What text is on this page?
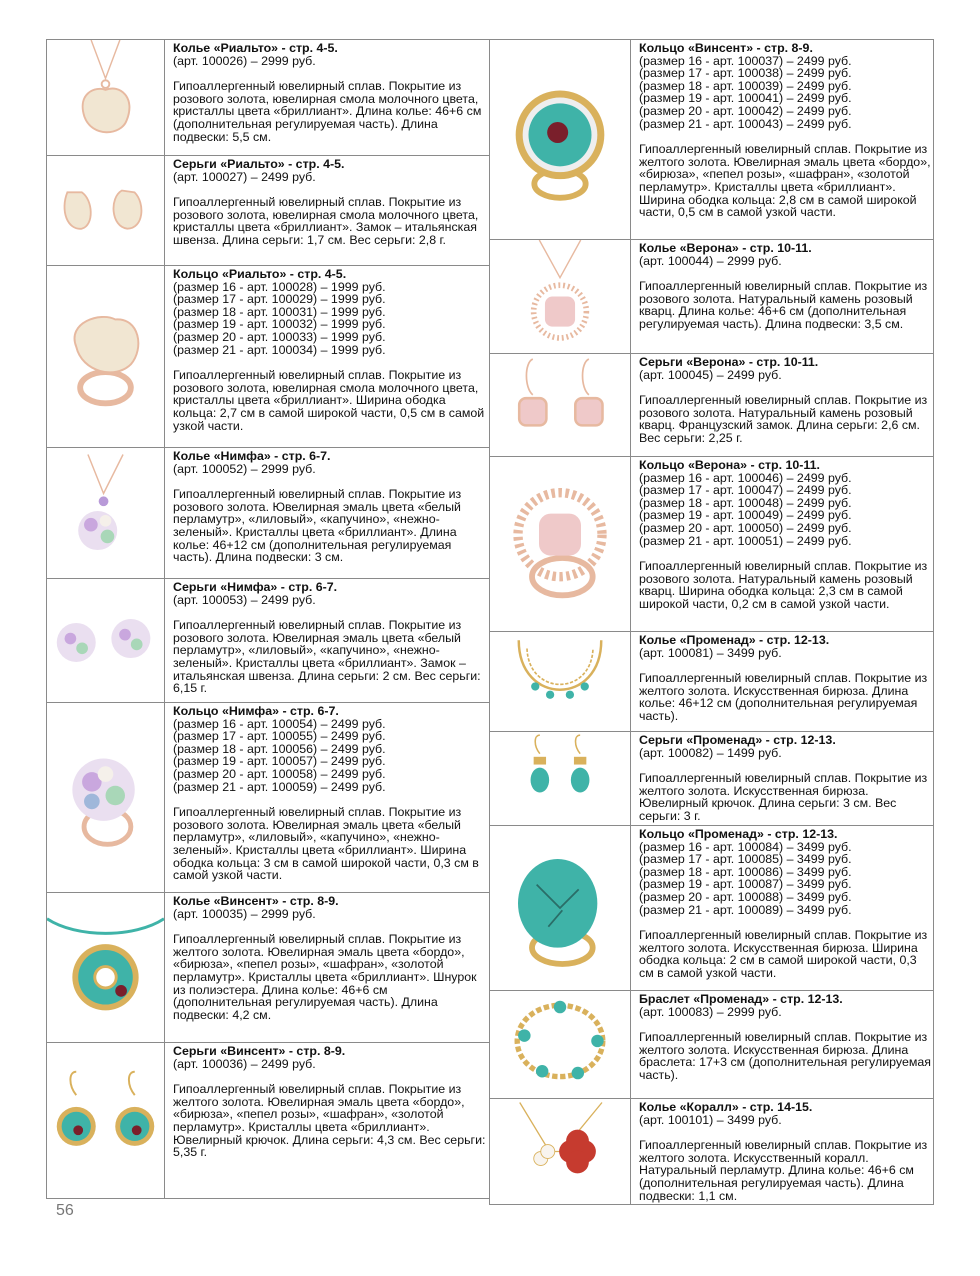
Колье «Риальто» - стр. 4-5.
(арт. 100026) – 2999 руб.
Гипоаллергенный ювелирный сплав. Покрытие из розового золота, ювелирная смола молочного цвета, кристаллы цвета «бриллиант». Длина колье: 46+6 см (дополнительная регулируемая часть). Длина подвески: 5,5 см.
Серьги «Риальто» - стр. 4-5.
(арт. 100027) – 2499 руб.
Гипоаллергенный ювелирный сплав. Покрытие из розового золота, ювелирная смола молочного цвета, кристаллы цвета «бриллиант». Замок – итальянская швенза. Длина серьги: 1,7 см. Вес серьги: 2,8 г.
Кольцо «Риальто» - стр. 4-5.
(размер 16 - арт. 100028) – 1999 руб.
(размер 17 - арт. 100029) – 1999 руб.
(размер 18 - арт. 100031) – 1999 руб.
(размер 19 - арт. 100032) – 1999 руб.
(размер 20 - арт. 100033) – 1999 руб.
(размер 21 - арт. 100034) – 1999 руб.
Гипоаллергенный ювелирный сплав. Покрытие из розового золота, ювелирная смола молочного цвета, кристаллы цвета «бриллиант». Ширина ободка кольца: 2,7 см в самой широкой части, 0,5 см в самой узкой части.
Колье «Нимфа» - стр. 6-7.
(арт. 100052) – 2999 руб.
Гипоаллергенный ювелирный сплав. Покрытие из розового золота. Ювелирная эмаль цвета «белый перламутр», «лиловый», «капучино», «нежно-зеленый». Кристаллы цвета «бриллиант». Длина колье: 46+12 см (дополнительная регулируемая часть). Длина подвески: 3 см.
Серьги «Нимфа» - стр. 6-7.
(арт. 100053) – 2499 руб.
Гипоаллергенный ювелирный сплав. Покрытие из розового золота. Ювелирная эмаль цвета «белый перламутр», «лиловый», «капучино», «нежно-зеленый». Кристаллы цвета «бриллиант». Замок – итальянская швенза. Длина серьги: 2 см. Вес серьги: 6,15 г.
Кольцо «Нимфа» - стр. 6-7.
(размер 16 - арт. 100054) – 2499 руб.
(размер 17 - арт. 100055) – 2499 руб.
(размер 18 - арт. 100056) – 2499 руб.
(размер 19 - арт. 100057) – 2499 руб.
(размер 20 - арт. 100058) – 2499 руб.
(размер 21 - арт. 100059) – 2499 руб.
Гипоаллергенный ювелирный сплав. Покрытие из розового золота. Ювелирная эмаль цвета «белый перламутр», «лиловый», «капучино», «нежно-зеленый». Кристаллы цвета «бриллиант». Ширина ободка кольца: 3 см в самой широкой части, 0,3 см в самой узкой части.
Колье «Винсент» - стр. 8-9.
(арт. 100035) – 2999 руб.
Гипоаллергенный ювелирный сплав. Покрытие из желтого золота. Ювелирная эмаль цвета «бордо», «бирюза», «пепел розы», «шафран», «золотой перламутр». Кристаллы цвета «бриллиант». Шнурок из полиэстера. Длина колье: 46+6 см (дополнительная регулируемая часть). Длина подвески: 4,2 см.
Серьги «Винсент» - стр. 8-9.
(арт. 100036) – 2499 руб.
Гипоаллергенный ювелирный сплав. Покрытие из желтого золота. Ювелирная эмаль цвета «бордо», «бирюза», «пепел розы», «шафран», «золотой перламутр». Кристаллы цвета «бриллиант». Ювелирный крючок. Длина серьги: 4,3 см. Вес серьги: 5,35 г.
Кольцо «Винсент» - стр. 8-9.
(размер 16 - арт. 100037) – 2499 руб.
(размер 17 - арт. 100038) – 2499 руб.
(размер 18 - арт. 100039) – 2499 руб.
(размер 19 - арт. 100041) – 2499 руб.
(размер 20 - арт. 100042) – 2499 руб.
(размер 21 - арт. 100043) – 2499 руб.
Гипоаллергенный ювелирный сплав. Покрытие из желтого золота. Ювелирная эмаль цвета «бордо», «бирюза», «пепел розы», «шафран», «золотой перламутр». Кристаллы цвета «бриллиант». Ширина ободка кольца: 2,8 см в самой широкой части, 0,5 см в самой узкой части.
Колье «Верона» - стр. 10-11.
(арт. 100044) – 2999 руб.
Гипоаллергенный ювелирный сплав. Покрытие из розового золота. Натуральный камень розовый кварц. Длина колье: 46+6 см (дополнительная регулируемая часть). Длина подвески: 3,5 см.
Серьги «Верона» - стр. 10-11.
(арт. 100045) – 2499 руб.
Гипоаллергенный ювелирный сплав. Покрытие из розового золота. Натуральный камень розовый кварц. Французский замок. Длина серьги: 2,6 см. Вес серьги: 2,25 г.
Кольцо «Верона» - стр. 10-11.
(размер 16 - арт. 100046) – 2499 руб.
(размер 17 - арт. 100047) – 2499 руб.
(размер 18 - арт. 100048) – 2499 руб.
(размер 19 - арт. 100049) – 2499 руб.
(размер 20 - арт. 100050) – 2499 руб.
(размер 21 - арт. 100051) – 2499 руб.
Гипоаллергенный ювелирный сплав. Покрытие из розового золота. Натуральный камень розовый кварц. Ширина ободка кольца: 2,3 см в самой широкой части, 0,2 см в самой узкой части.
Колье «Променад» - стр. 12-13.
(арт. 100081) – 3499 руб.
Гипоаллергенный ювелирный сплав. Покрытие из желтого золота. Искусственная бирюза. Длина колье: 46+12 см (дополнительная регулируемая часть).
Серьги «Променад» - стр. 12-13.
(арт. 100082) – 1499 руб.
Гипоаллергенный ювелирный сплав. Покрытие из желтого золота. Искусственная бирюза. Ювелирный крючок. Длина серьги: 3 см. Вес серьги: 3 г.
Кольцо «Променад» - стр. 12-13.
(размер 16 - арт. 100084) – 3499 руб.
(размер 17 - арт. 100085) – 3499 руб.
(размер 18 - арт. 100086) – 3499 руб.
(размер 19 - арт. 100087) – 3499 руб.
(размер 20 - арт. 100088) – 3499 руб.
(размер 21 - арт. 100089) – 3499 руб.
Гипоаллергенный ювелирный сплав. Покрытие из желтого золота. Искусственная бирюза. Ширина ободка кольца: 2 см в самой широкой части, 0,3 см в самой узкой части.
Браслет «Променад» - стр. 12-13.
(арт. 100083) – 2999 руб.
Гипоаллергенный ювелирный сплав. Покрытие из желтого золота. Искусственная бирюза. Длина браслета: 17+3 см (дополнительная регулируемая часть).
Колье «Коралл» - стр. 14-15.
(арт. 100101) – 3499 руб.
Гипоаллергенный ювелирный сплав. Покрытие из желтого золота. Искусственный коралл. Натуральный перламутр. Длина колье: 46+6 см (дополнительная регулируемая часть). Длина подвески: 1,1 см.
56
